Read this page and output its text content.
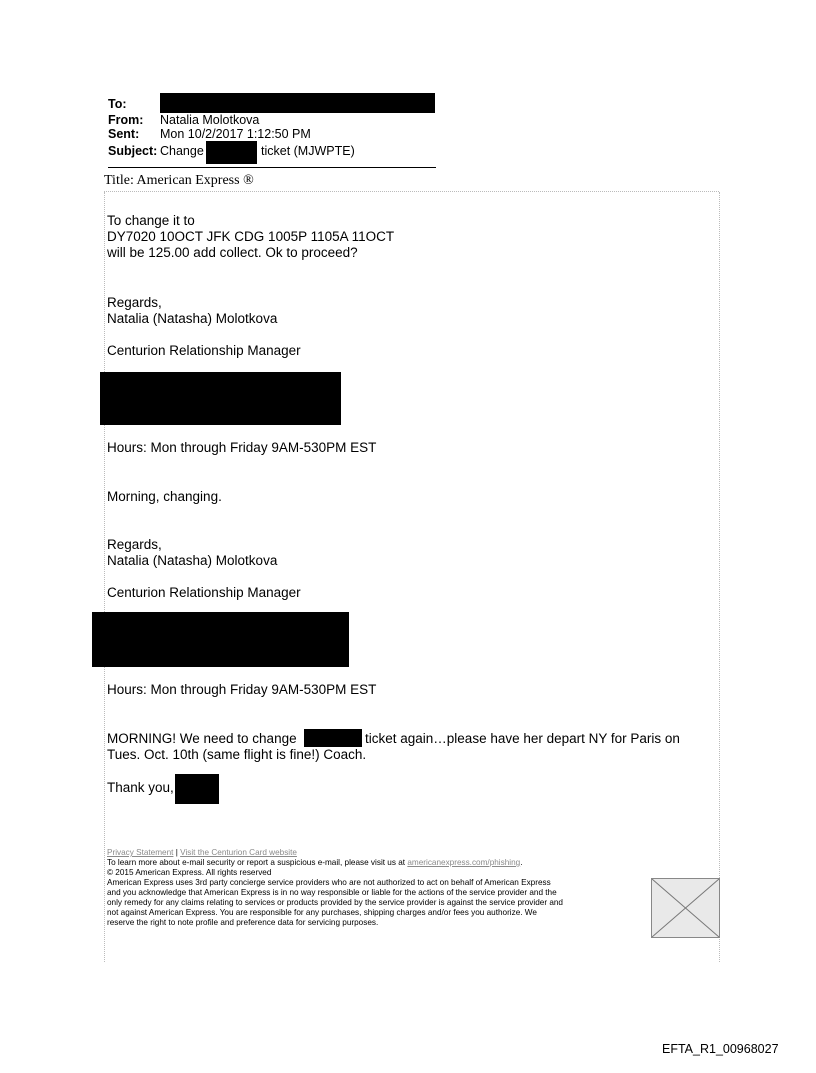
To:
From: Natalia Molotkova
Sent: Mon 10/2/2017 1:12:50 PM
Subject: Change	ticket (MJWPTE)
Title: American Express ®
To change it to
DY7020 10OCT JFK CDG 1005P 1105A 11OCT
will be 125.00 add collect. Ok to proceed?
Regards,
Natalia (Natasha) Molotkova
Centurion Relationship Manager
Hours: Mon through Friday 9AM-530PM EST
Morning, changing.
Regards,
Natalia (Natasha) Molotkova
Centurion Relationship Manager
Hours: Mon through Friday 9AM-530PM EST
MORNING! We need to change	ticket again…please have her depart NY for Paris on
Tues. Oct. 10th (same flight is fine!) Coach.
Thank you,
Privacy Statement | Visit the Centurion Card website
To learn more about e-mail security or report a suspicious e-mail, please visit us at americanexpress.com/phishing.
© 2015 American Express. All rights reserved
American Express uses 3rd party concierge service providers who are not authorized to act on behalf of American Express
and you acknowledge that American Express is in no way responsible or liable for the actions of the service provider and the
only remedy for any claims relating to services or products provided by the service provider is against the service provider and
not against American Express. You are responsible for any purchases, shipping charges and/or fees you authorize. We
reserve the right to note profile and preference data for servicing purposes.
EFTA_R1_00968027
